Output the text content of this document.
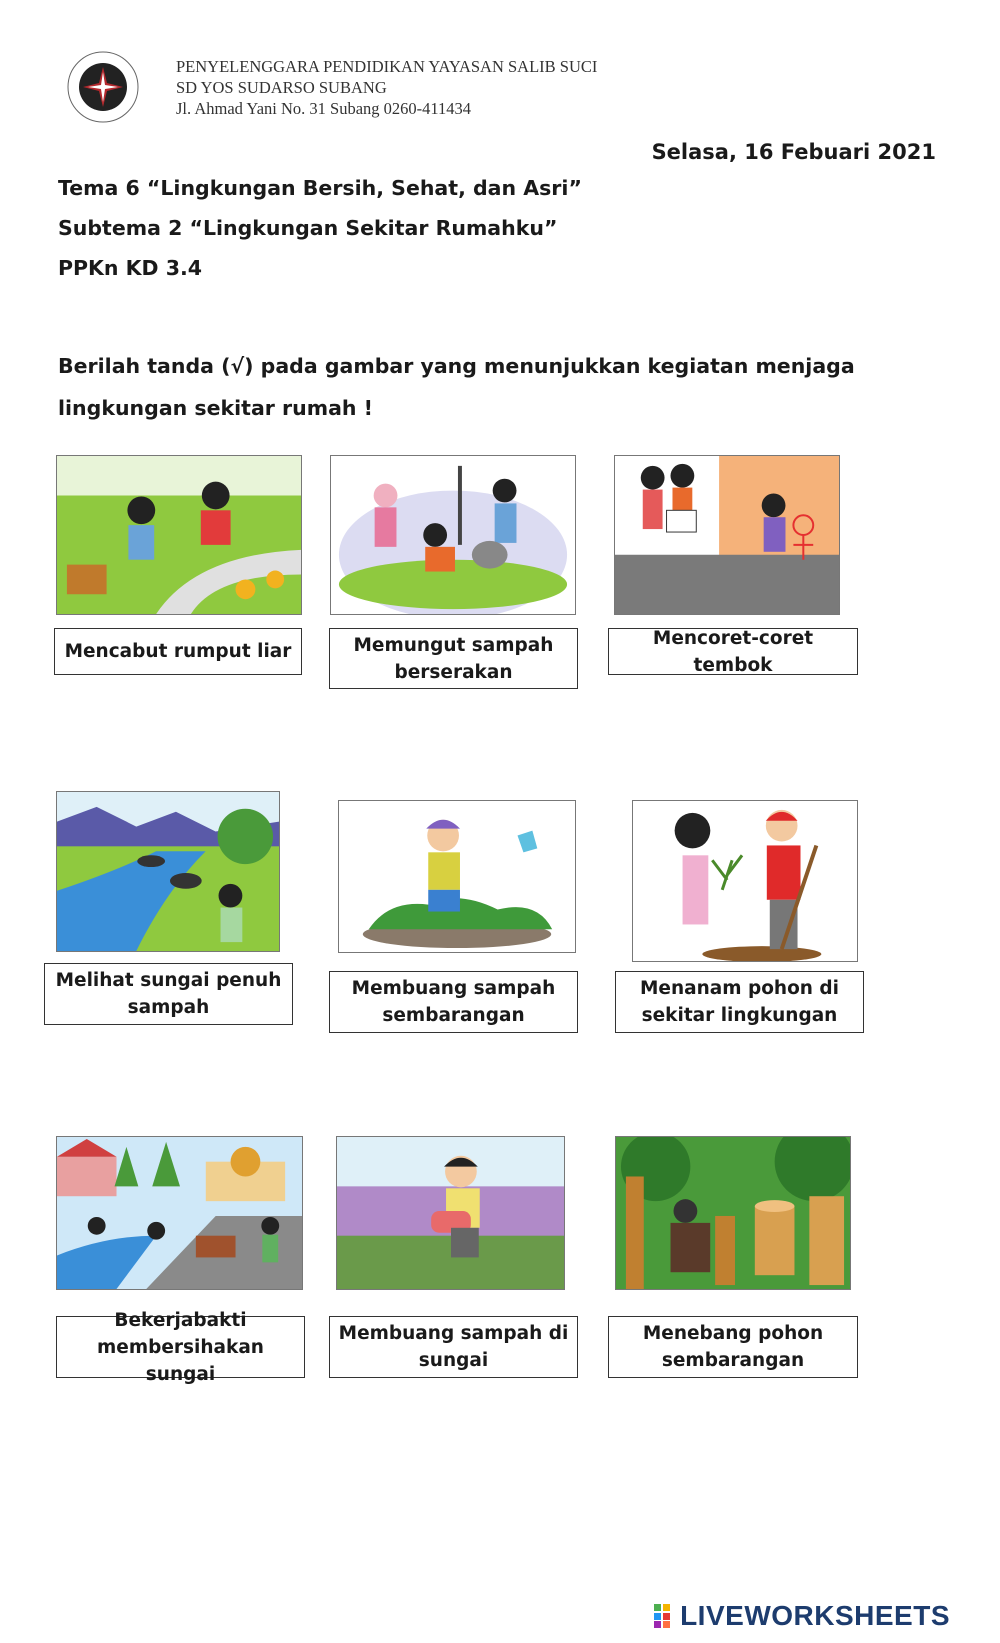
PENYELENGGARA PENDIDIKAN YAYASAN SALIB SUCI
SD YOS SUDARSO SUBANG
Jl. Ahmad Yani No. 31 Subang 0260-411434
Selasa, 16 Febuari 2021
Tema 6 “Lingkungan Bersih, Sehat, dan Asri”
Subtema 2 “Lingkungan Sekitar Rumahku”
PPKn KD 3.4
Berilah tanda (√) pada gambar yang menunjukkan kegiatan menjaga lingkungan sekitar rumah !
Mencabut rumput liar	Memungut sampah berserakan
Mencoret-coret tembok
Melihat sungai penuh sampah
Membuang sampah sembarangan
Menanam pohon di sekitar lingkungan
Bekerjabakti membersihakan sungai
Membuang sampah di sungai
Menebang pohon sembarangan
LIVEWORKSHEETS
